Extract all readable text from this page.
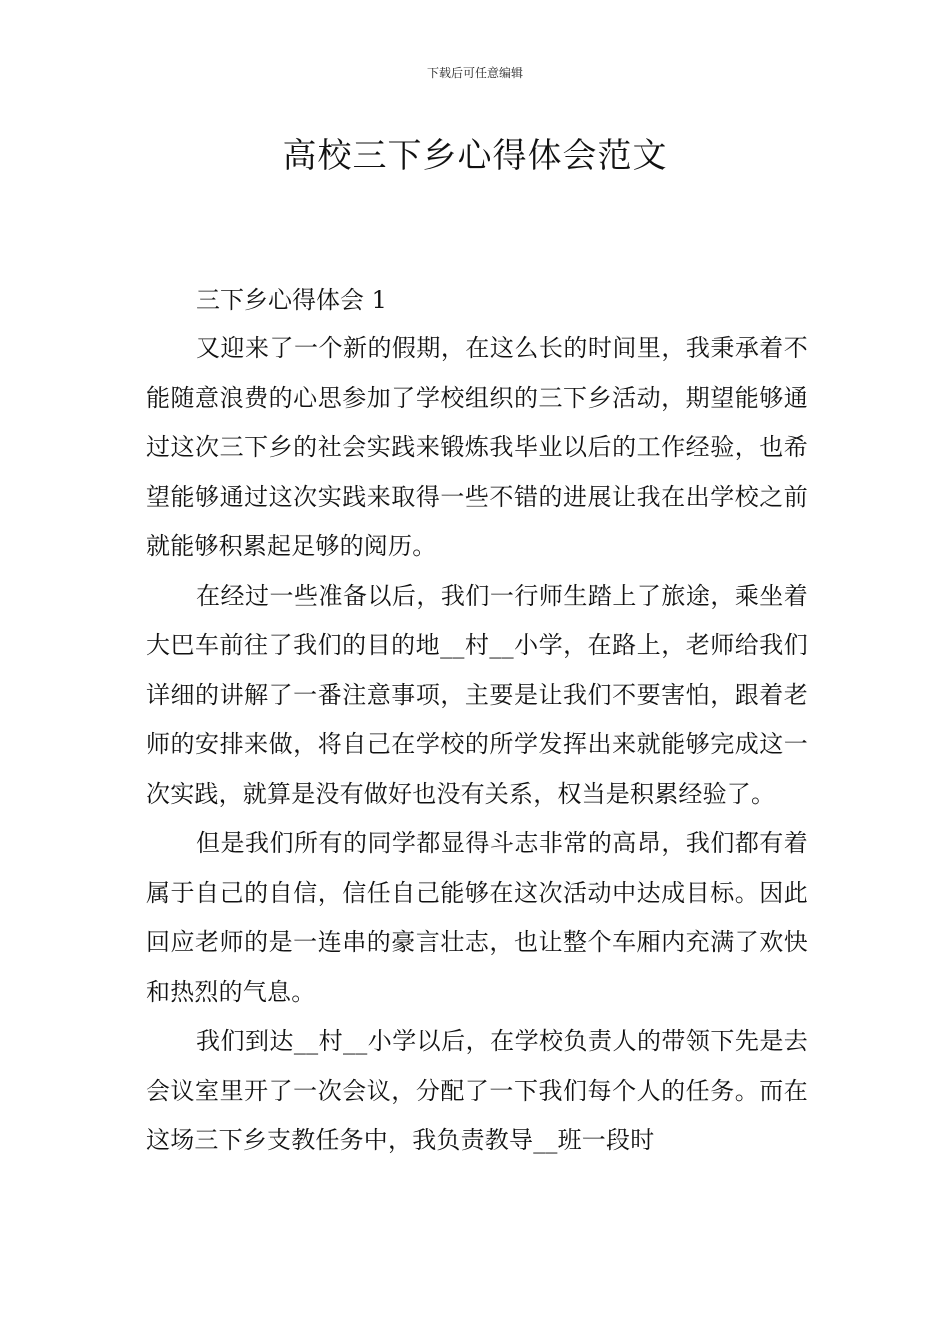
下载后可任意编辑
高校三下乡心得体会范文

三下乡心得体会 1

又迎来了一个新的假期，在这么长的时间里，我秉承着不能随意浪费的心思参加了学校组织的三下乡活动，期望能够通过这次三下乡的社会实践来锻炼我毕业以后的工作经验，也希望能够通过这次实践来取得一些不错的进展让我在出学校之前就能够积累起足够的阅历。

在经过一些准备以后，我们一行师生踏上了旅途，乘坐着大巴车前往了我们的目的地__村__小学，在路上，老师给我们详细的讲解了一番注意事项，主要是让我们不要害怕，跟着老师的安排来做，将自己在学校的所学发挥出来就能够完成这一次实践，就算是没有做好也没有关系，权当是积累经验了。

但是我们所有的同学都显得斗志非常的高昂，我们都有着属于自己的自信，信任自己能够在这次活动中达成目标。因此回应老师的是一连串的豪言壮志，也让整个车厢内充满了欢快和热烈的气息。

我们到达__村__小学以后，在学校负责人的带领下先是去会议室里开了一次会议，分配了一下我们每个人的任务。而在这场三下乡支教任务中，我负责教导__班一段时
